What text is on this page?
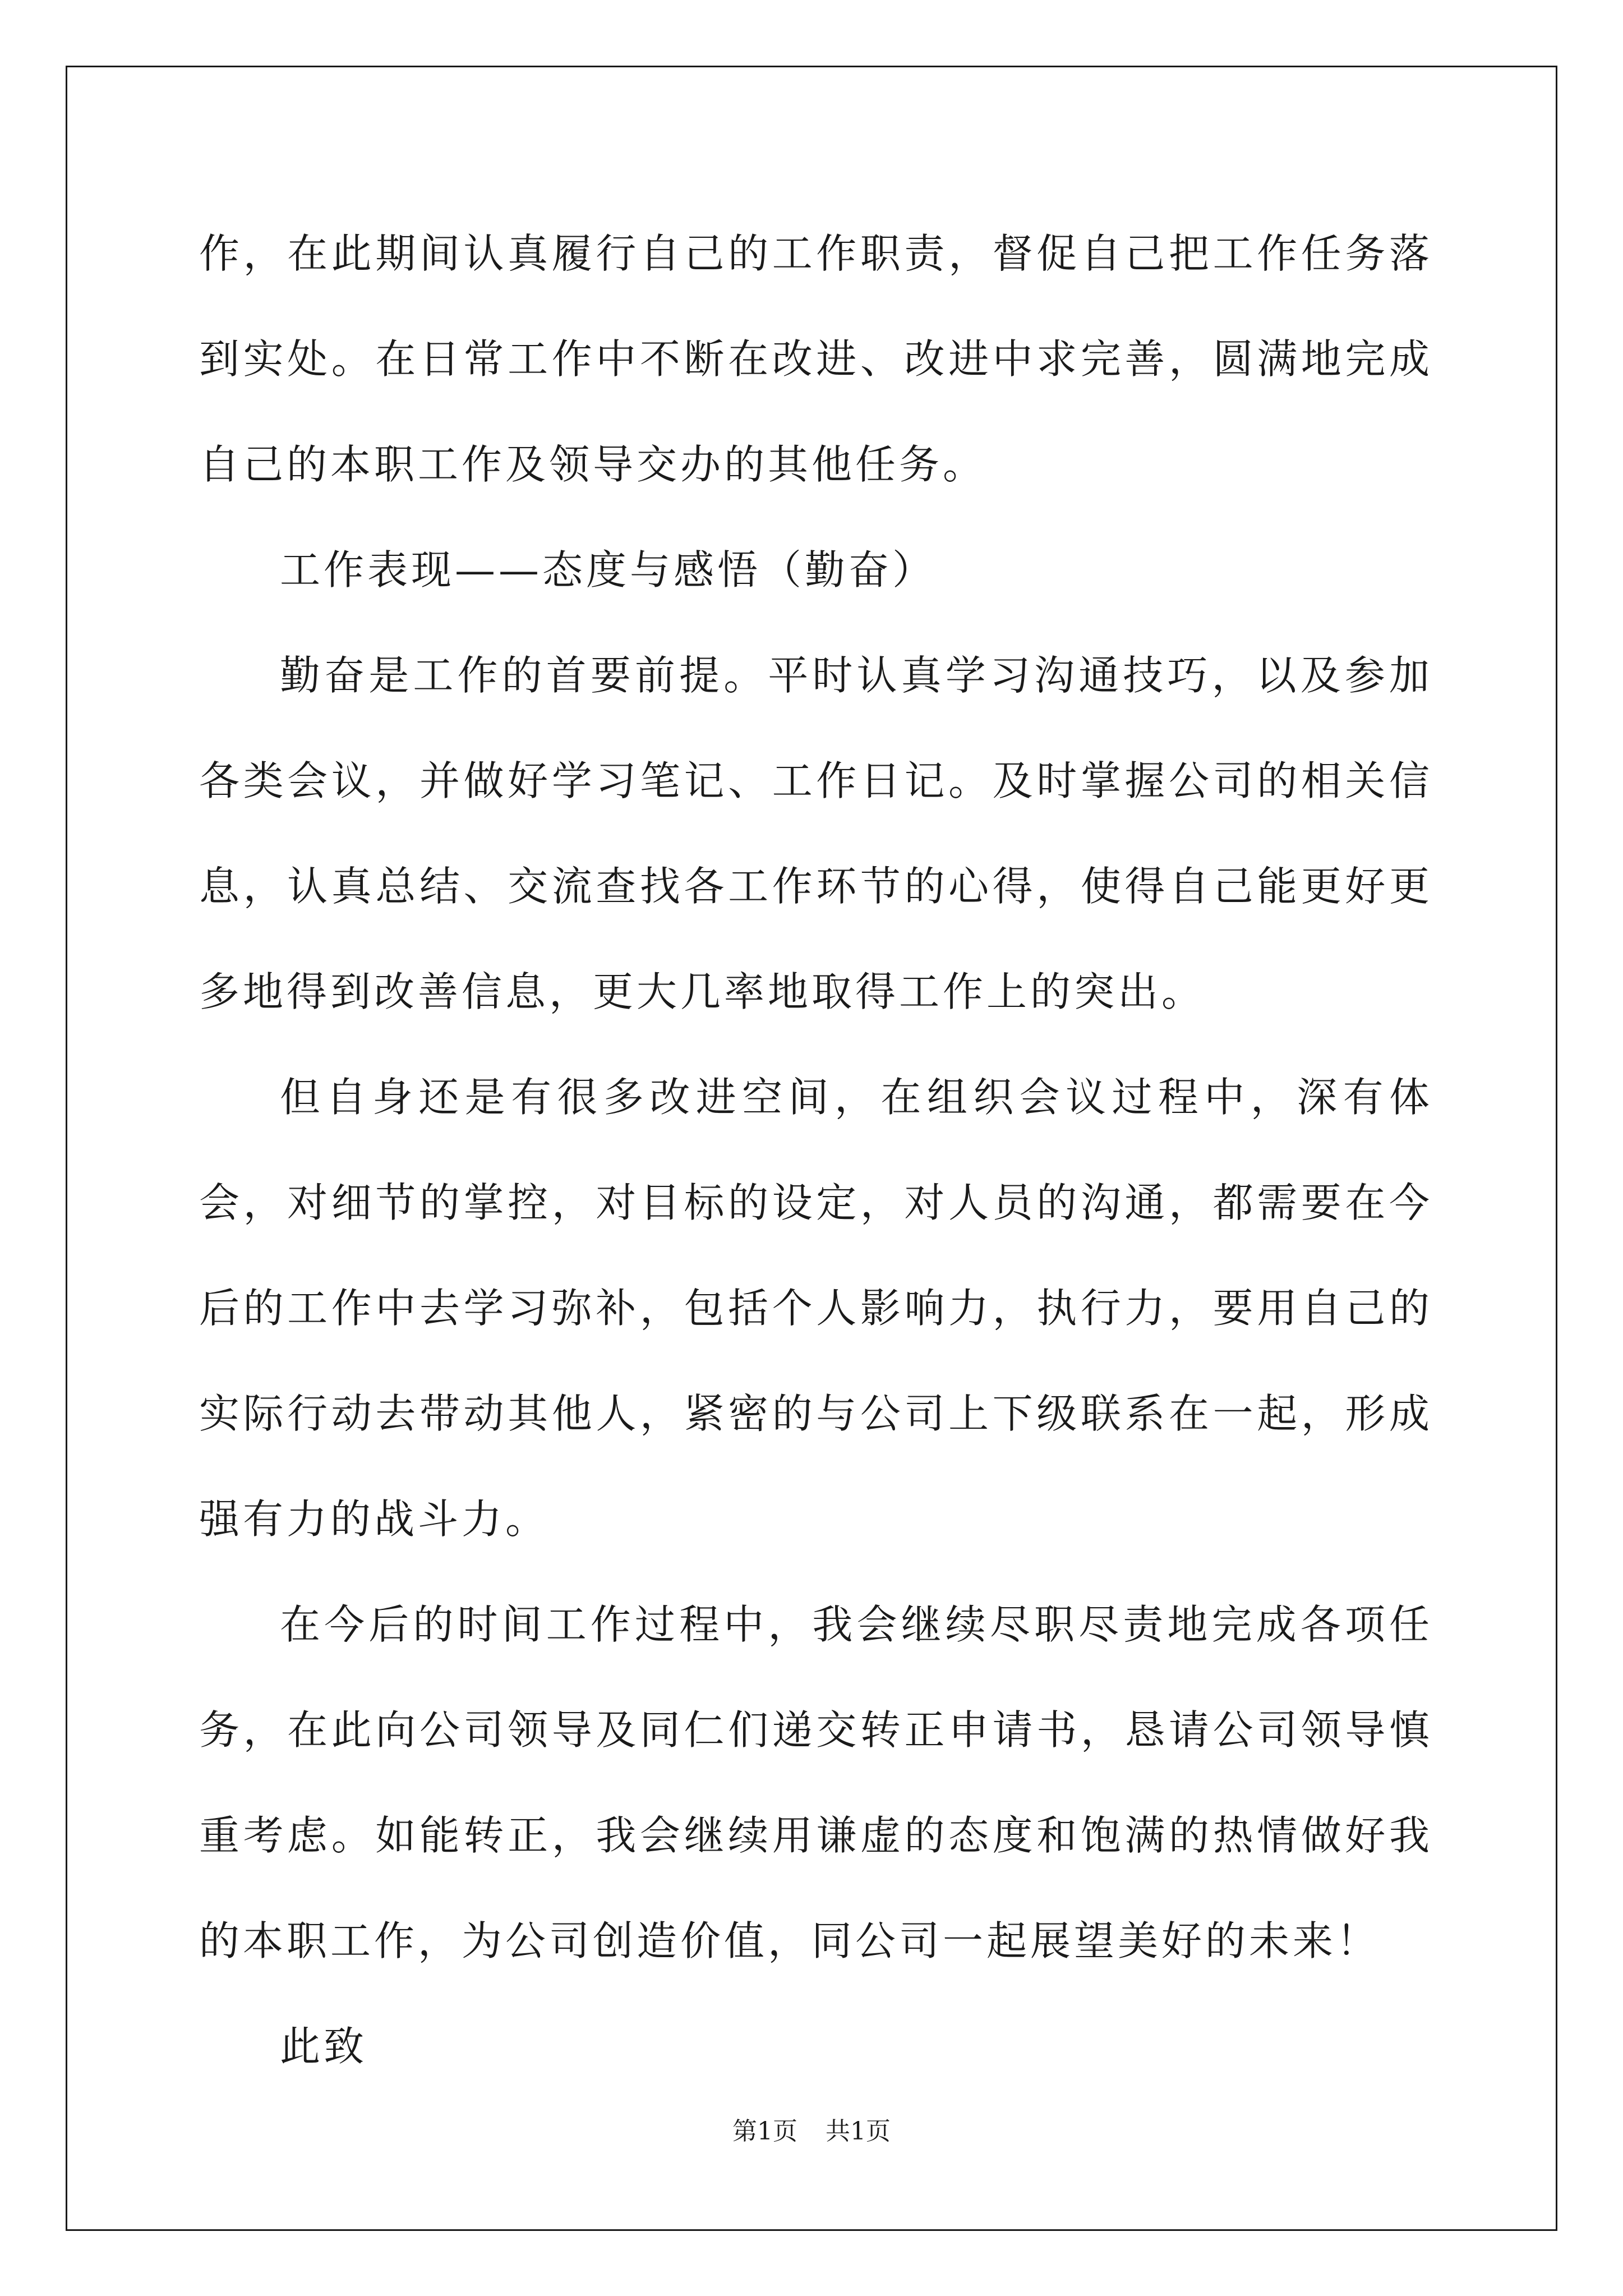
作，在此期间认真履行自己的工作职责，督促自己把工作任务落到实处。在日常工作中不断在改进、改进中求完善，圆满地完成自己的本职工作及领导交办的其他任务。

工作表现——态度与感悟（勤奋）

勤奋是工作的首要前提。平时认真学习沟通技巧，以及参加各类会议，并做好学习笔记、工作日记。及时掌握公司的相关信息，认真总结、交流查找各工作环节的心得，使得自己能更好更多地得到改善信息，更大几率地取得工作上的突出。

但自身还是有很多改进空间，在组织会议过程中，深有体会，对细节的掌控，对目标的设定，对人员的沟通，都需要在今后的工作中去学习弥补，包括个人影响力，执行力，要用自己的实际行动去带动其他人，紧密的与公司上下级联系在一起，形成强有力的战斗力。

在今后的时间工作过程中，我会继续尽职尽责地完成各项任务，在此向公司领导及同仁们递交转正申请书，恳请公司领导慎重考虑。如能转正，我会继续用谦虚的态度和饱满的热情做好我的本职工作，为公司创造价值，同公司一起展望美好的未来！

此致

第1页 共1页
